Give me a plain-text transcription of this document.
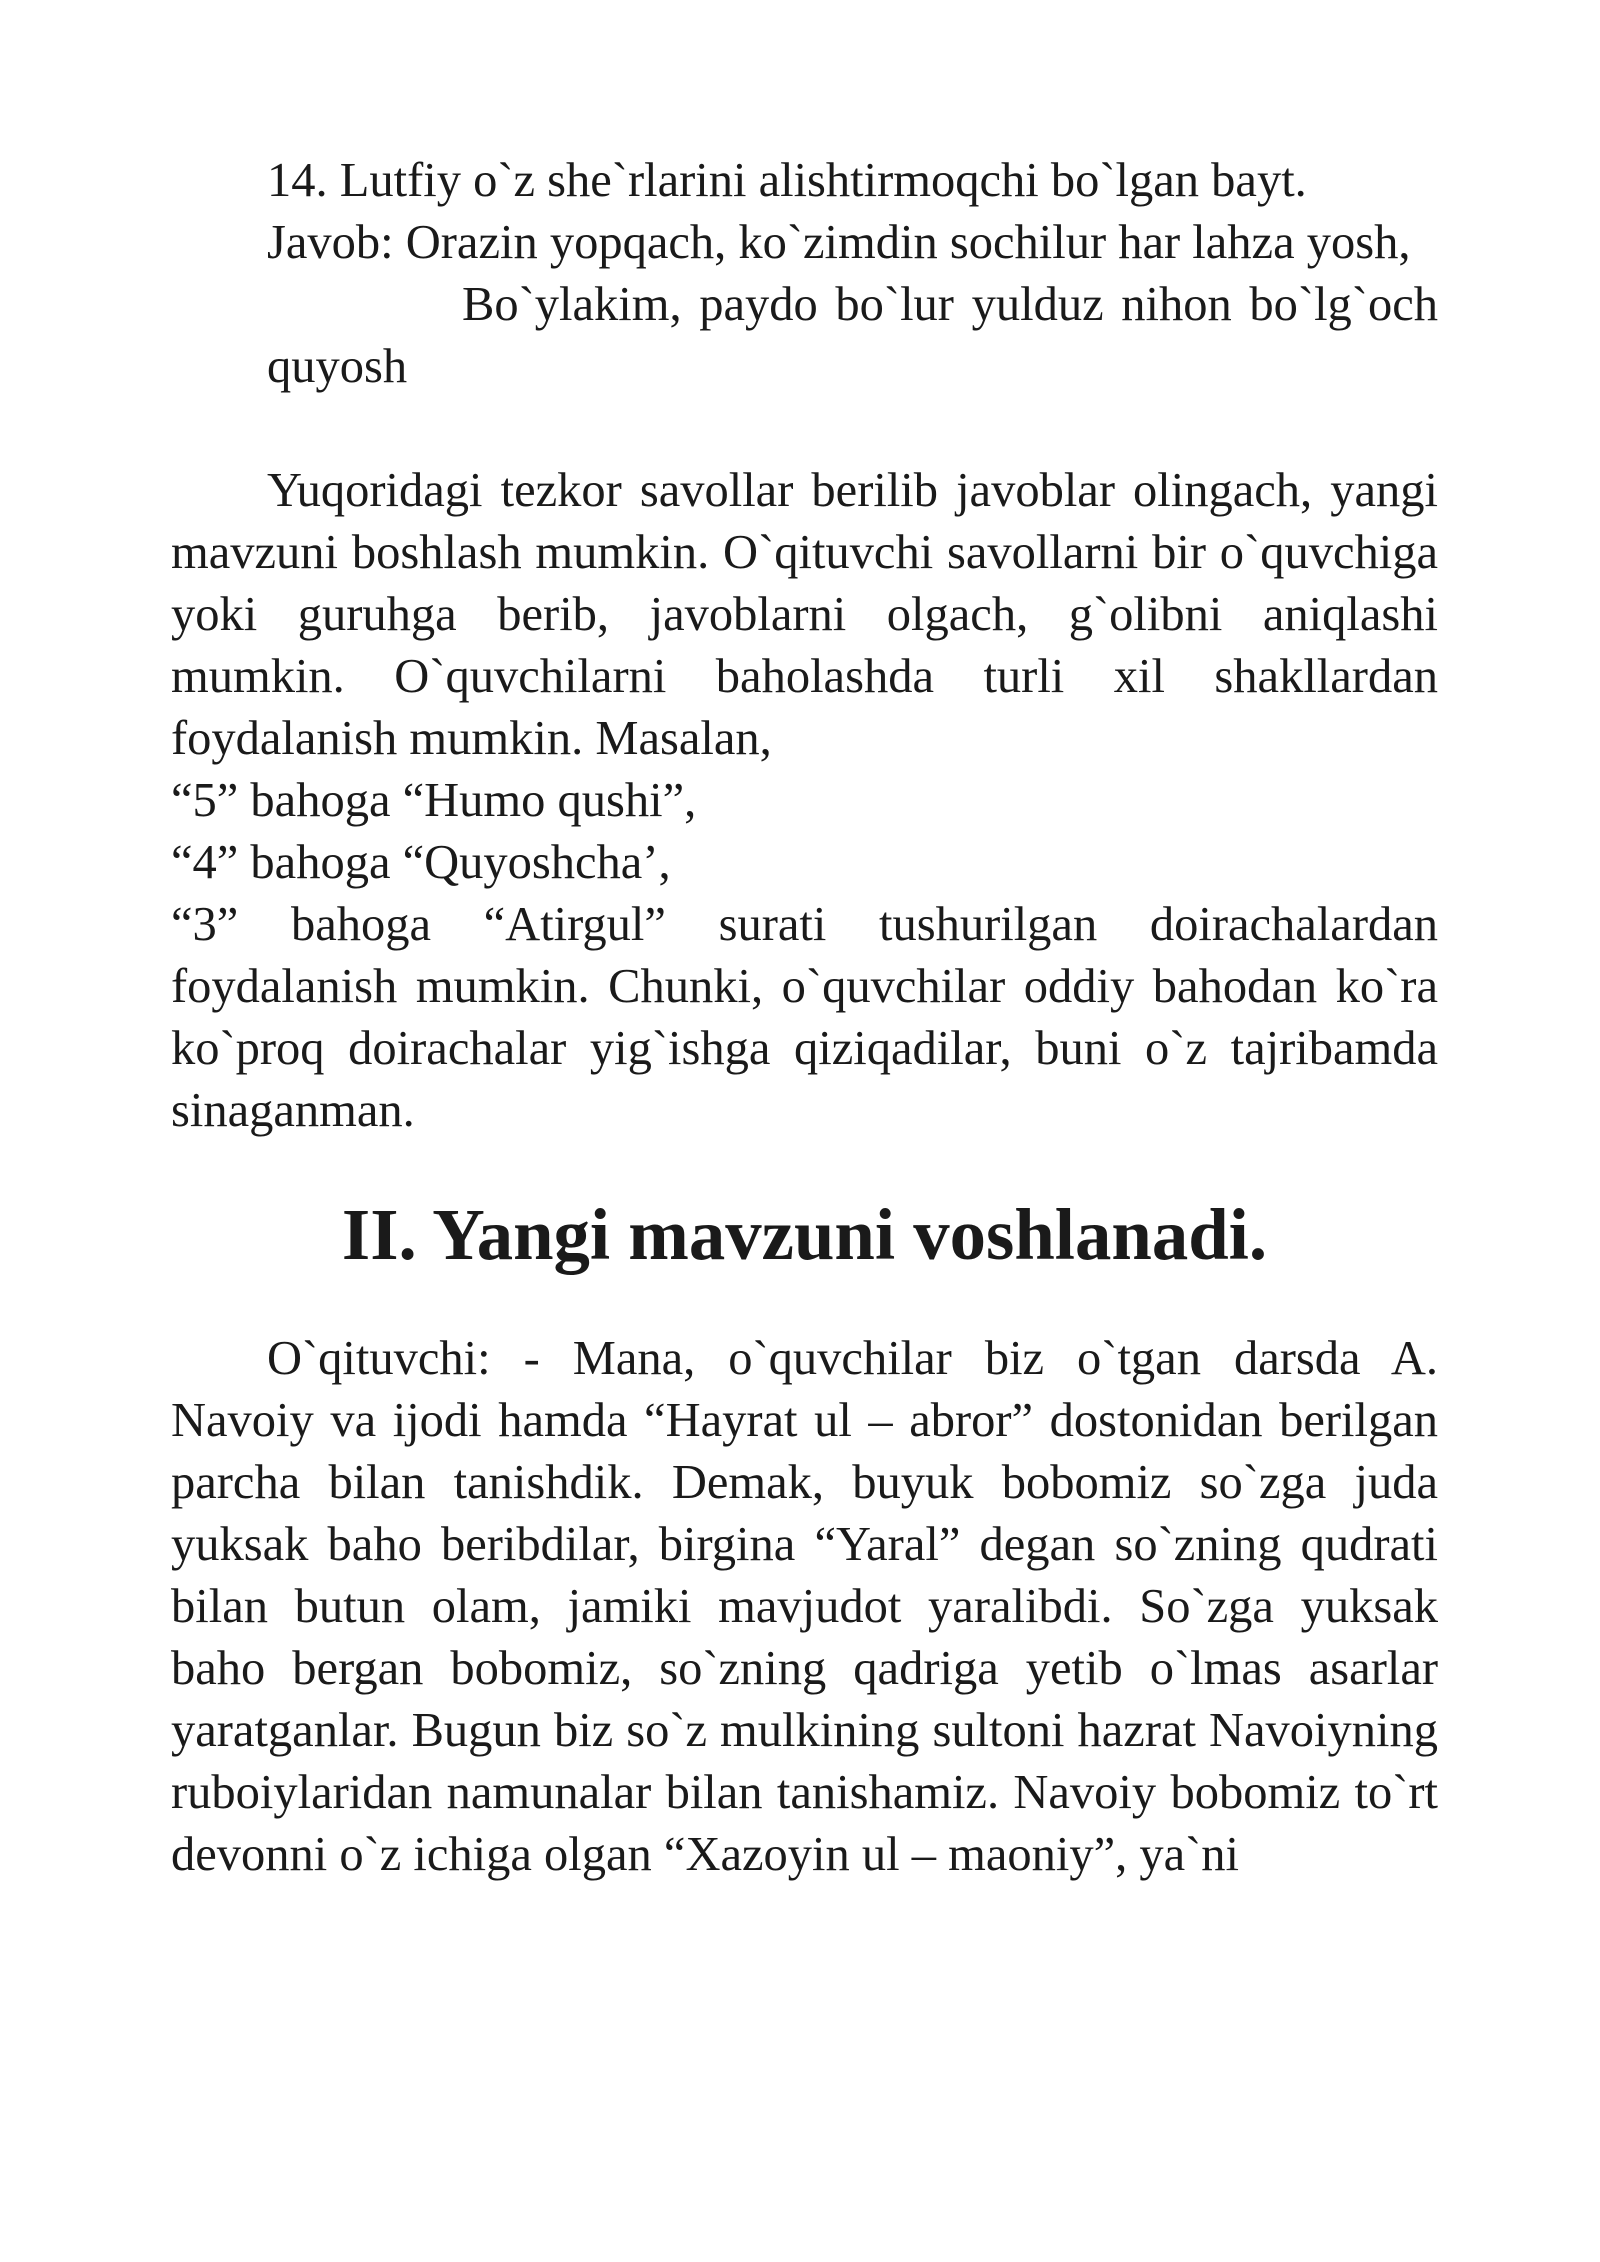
14. Lutfiy o`z she`rlarini alishtirmoqchi bo`lgan bayt.

Javob: Orazin yopqach, ko`zimdin sochilur har lahza yosh,
Bo`ylakim, paydo bo`lur yulduz nihon bo`lg`och quyosh

Yuqoridagi tezkor savollar berilib javoblar olingach, yangi mavzuni boshlash mumkin. O`qituvchi savollarni bir o`quvchiga yoki guruhga berib, javoblarni olgach, g`olibni aniqlashi mumkin. O`quvchilarni baholashda turli xil shakllardan foydalanish mumkin. Masalan,

“5” bahoga “Humo qushi”,

“4” bahoga “Quyoshcha’,

“3” bahoga “Atirgul” surati tushurilgan doirachalardan foydalanish mumkin. Chunki, o`quvchilar oddiy bahodan ko`ra ko`proq doirachalar yig`ishga qiziqadilar, buni o`z tajribamda sinaganman.

II. Yangi mavzuni voshlanadi.

O`qituvchi: - Mana, o`quvchilar biz o`tgan darsda A. Navoiy va ijodi hamda “Hayrat ul – abror” dostonidan berilgan parcha bilan tanishdik. Demak, buyuk bobomiz so`zga juda yuksak baho beribdilar, birgina “Yaral” degan so`zning qudrati bilan butun olam, jamiki mavjudot yaralibdi. So`zga yuksak baho bergan bobomiz, so`zning qadriga yetib o`lmas asarlar yaratganlar. Bugun biz so`z mulkining sultoni hazrat Navoiyning ruboiylaridan namunalar bilan tanishamiz. Navoiy bobomiz to`rt devonni o`z ichiga olgan “Xazoyin ul – maoniy”, ya`ni
